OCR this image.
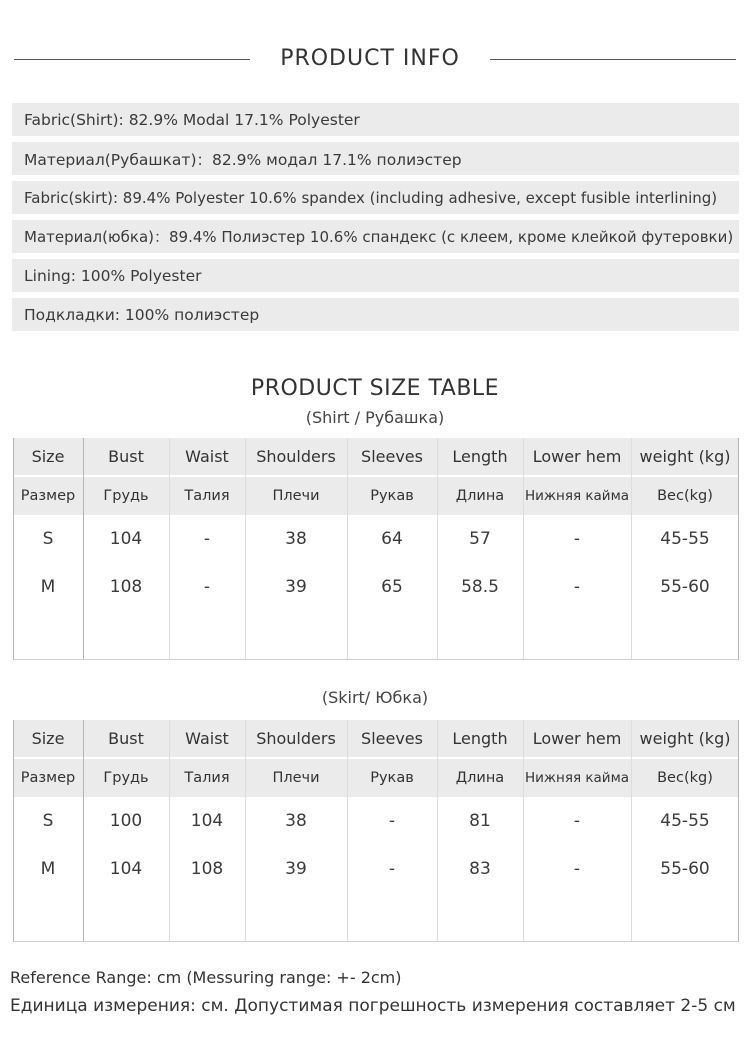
PRODUCT INFO
Fabric(Shirt): 82.9% Modal 17.1% Polyester
Материал(Рубашкат)：82.9% модал 17.1% полиэстер
Fabric(skirt): 89.4% Polyester 10.6% spandex (including adhesive, except fusible interlining)
Материал(юбка)：89.4% Полиэстер 10.6% спандекс (с клеем, кроме клейкой футеровки)
Lining: 100% Polyester
Подкладки: 100% полиэстер
PRODUCT SIZE TABLE
(Shirt / Рубашка)
Size	Bust	Waist	Shoulders	Sleeves	Length	Lower hem	weight (kg)
Размер	Грудь	Талия	Плечи	Рукав	Длина	Нижняя кайма	Вес(kg)
S	104	-	38	64	57	-	45-55
M	108	-	39	65	58.5	-	55-60
(Skirt/ Юбка)
Size	Bust	Waist	Shoulders	Sleeves	Length	Lower hem	weight (kg)
Размер	Грудь	Талия	Плечи	Рукав	Длина	Нижняя кайма	Вес(kg)
S	100	104	38	-	81	-	45-55
M	104	108	39	-	83	-	55-60
Reference Range: cm (Messuring range: +- 2cm)
Единица измерения: см. Допустимая погрешность измерения составляет 2-5 см
